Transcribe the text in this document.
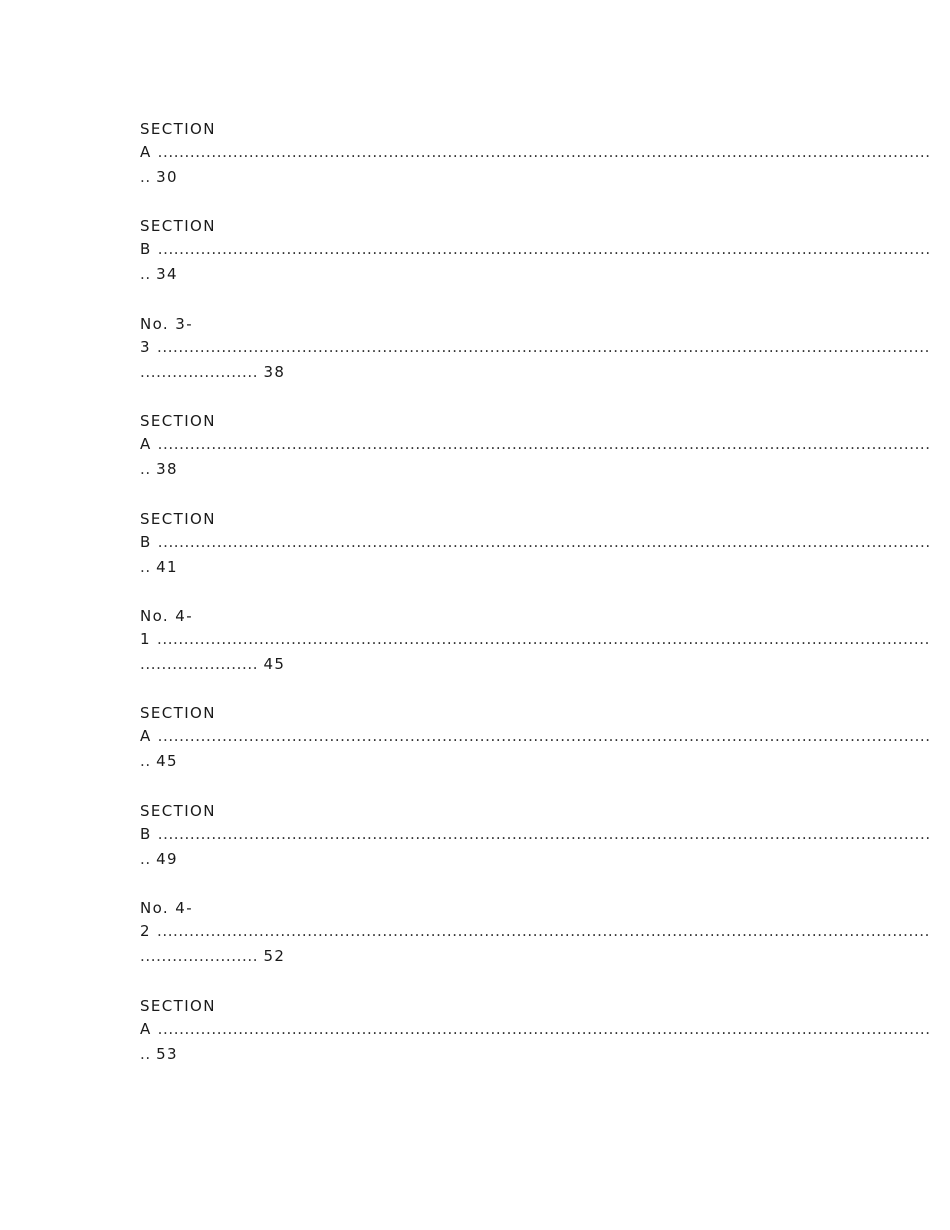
SECTION
A ................................................................................................................................................
.. 30
SECTION
B ................................................................................................................................................
.. 34
No. 3-
3 ................................................................................................................................................
...................... 38
SECTION
A ................................................................................................................................................
.. 38
SECTION
B ................................................................................................................................................
.. 41
No. 4-
1 ................................................................................................................................................
...................... 45
SECTION
A ................................................................................................................................................
.. 45
SECTION
B ................................................................................................................................................
.. 49
No. 4-
2 ................................................................................................................................................
...................... 52
SECTION
A ................................................................................................................................................
.. 53
